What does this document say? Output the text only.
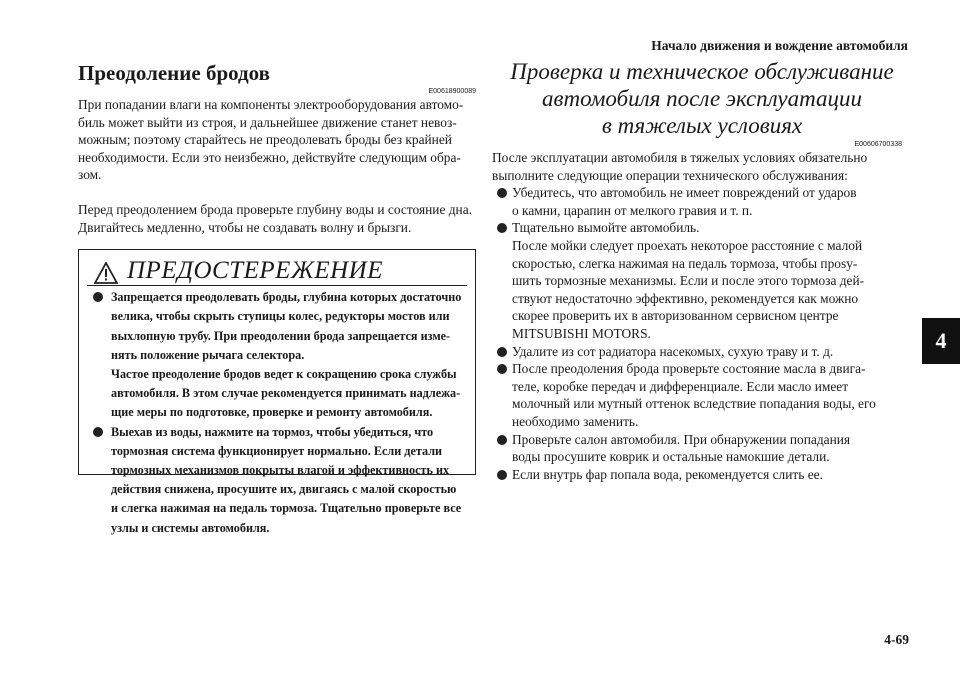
Начало движения и вождение автомобиля
Преодоление бродов
E00618900089

При попадании влаги на компоненты электрооборудования автомо-
биль может выйти из строя, и дальнейшее движение станет невоз-
можным; поэтому старайтесь не преодолевать броды без крайней
необходимости. Если это неизбежно, действуйте следующим обра-
зом.

Перед преодолением брода проверьте глубину воды и состояние дна.
Двигайтесь медленно, чтобы не создавать волну и брызги.

ПРЕДОСТЕРЕЖЕНИЕ
Запрещается преодолевать броды, глубина которых достаточно
велика, чтобы скрыть ступицы колес, редукторы мостов или
выхлопную трубу. При преодолении брода запрещается изме-
нять положение рычага селектора.
Частое преодоление бродов ведет к сокращению срока службы
автомобиля. В этом случае рекомендуется принимать надлежа-
щие меры по подготовке, проверке и ремонту автомобиля.
Выехав из воды, нажмите на тормоз, чтобы убедиться, что
тормозная система функционирует нормально. Если детали
тормозных механизмов покрыты влагой и эффективность их
действия снижена, просушите их, двигаясь с малой скоростью
и слегка нажимая на педаль тормоза. Тщательно проверьте все
узлы и системы автомобиля.
Проверка и техническое обслуживание
автомобиля после эксплуатации
в тяжелых условиях
E00606700338

После эксплуатации автомобиля в тяжелых условиях обязательно
выполните следующие операции технического обслуживания:

Убедитесь, что автомобиль не имеет повреждений от ударов
о камни, царапин от мелкого гравия и т. п.
Тщательно вымойте автомобиль.
После мойки следует проехать некоторое расстояние с малой
скоростью, слегка нажимая на педаль тормоза, чтобы прosу-
шить тормозные механизмы. Если и после этого тормоза дей-
ствуют недостаточно эффективно, рекомендуется как можно
скорее проверить их в авторизованном сервисном центре
MITSUBISHI MOTORS.
Удалите из сот радиатора насекомых, сухую траву и т. д.
После преодоления брода проверьте состояние масла в двига-
теле, коробке передач и дифференциале. Если масло имеет
молочный или мутный оттенок вследствие попадания воды, его
необходимо заменить.
Проверьте салон автомобиля. При обнаружении попадания
воды просушите коврик и остальные намокшие детали.
Если внутрь фар попала вода, рекомендуется слить ее.
4
4-69
